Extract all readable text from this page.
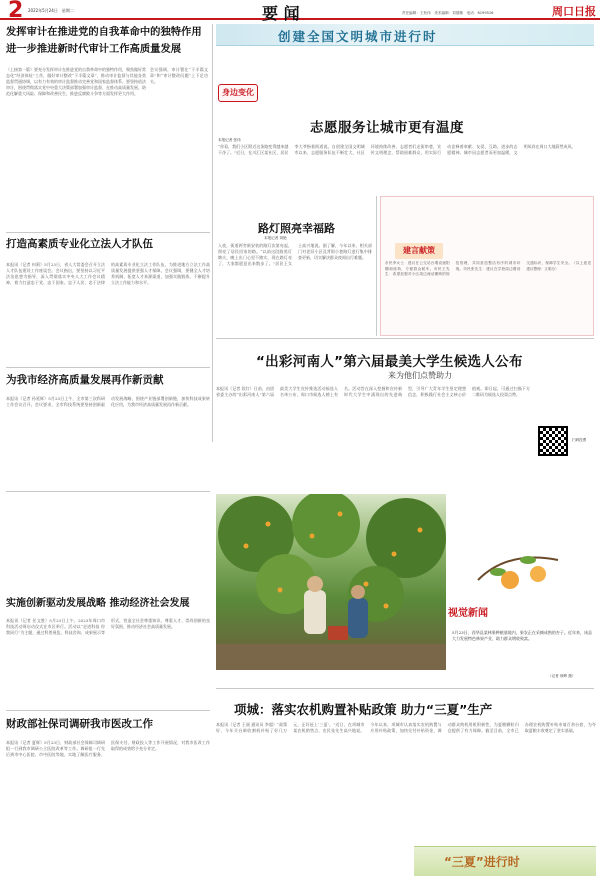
2 2022年5月24日　星期二	要 闻	责任编辑：王松伟　美术编辑：刘德敏　电话：6199516	周口日报
发挥审计在推进党的自我革命中的独特作用
进一步推进新时代审计工作高质量发展
（上接第一版）要充分发挥审计在推进党的自我革命中的独特作用，聚焦做好常态化“经济体检”工作，做好审计整改“下半篇文章”，推动审计监督与其他各类监督贯通协调，以有力有效的审计监督推动完善党和国家监督体系。要坚持依法审计，围绕贯彻落实党中央重大决策部署加强审计监督，在推动高质量发展、防范化解重大风险、保障和改善民生、推进反腐败斗争等方面发挥更大作用。
会议强调，审计署在“下半篇文章”和“审计整改问题”上下足功夫。
创建全国文明城市进行时
身边变化
志愿服务让城市更有温度
本报记者 张伟
“你看，我们小区附近这条路变得越来越干净了。”近日，在川汇区某社区，居民李大爷指着街道说。自创建全国文明城市以来，志愿服务队伍不断壮大，社区环境持续改善，志愿者们走街串巷，宣传文明理念，帮助困难群众，用实际行动诠释着奉献、友爱、互助、进步的志愿精神。城市因志愿者而更加温暖，文明风尚在周口大地蔚然成风。
路灯照亮幸福路
本报记者 刘艳
入夜，街道两旁新安装的路灯次第亮起，照亮了居民回家的路。“以前这段路黑灯瞎火，晚上出门心里不踏实，现在路灯亮了，大家都愿意出来散步了。”居民王女士高兴地说。据了解，今年以来，相关部门对老旧小区及背街小巷路灯进行集中排查更新，切实解决群众夜间出行难题。
建言献策
市民李女士：建议在公交站台增设遮阳棚和座椅，方便群众候车。市民王先生：希望加强对小区周边流动摊贩的规范管理，共同营造整洁有序的城市环境。市民张先生：建议在学校周边增设交通标识，保障学生安全。（以上意见建议整理：文明办）
打造高素质专业化立法人才队伍
本报讯（记者 何莉）5月23日，省人大常委会召开立法人才队伍建设工作座谈会。会议指出，要坚持以习近平法治思想为指导，深入贯彻落实中央人大工作会议精神，着力打造忠于党、忠于国家、忠于人民、忠于法律的高素质专业化立法工作队伍，为推进地方立法工作高质量发展提供坚强人才保障。会议强调，要健全人才培养机制，拓宽人才来源渠道，加强实践锻炼，不断提升立法工作能力和水平。
为我市经济高质量发展再作新贡献
本报讯（记者 孙延辉）5月23日上午，全市第三次科研工作会议召开。会议要求，全市科技系统要坚持创新驱动发展战略，围绕产业链部署创新链，加快科技成果转化应用，为我市经济高质量发展再作新贡献。
“出彩河南人”第六届最美大学生候选人公布
来为他们点赞助力
本报讯（记者 段红）日前，由团省委主办的“出彩河南人”第六届最美大学生宣传推选活动候选人名单公布，周口市候选人榜上有名。活动旨在深入挖掘和宣传新时代大学生中涌现出的先进典型，引导广大青年学生坚定理想信念，积极践行社会主义核心价值观。即日起，可通过扫描下方二维码为候选人投票点赞。
扫码投票
视觉新闻
5月23日，西华县某林果种植基地内，果农正在采摘成熟的杏子。近年来，该县大力发展特色林果产业，助力群众增收致富。
（记者 徐辉 摄）
实施创新驱动发展战略 推动经济社会发展
本报讯（记者 任文胜）5月23日上午，2023年周口市科技活动周启动仪式在市区举行。活动以“走进科技 你我同行”为主题，通过科普展览、科技咨询、成果展示等形式，营造全社会尊重知识、尊重人才、崇尚创新的良好氛围，推动经济社会高质量发展。
财政部社保司调研我市医改工作
本报讯（记者 夏辉）5月23日，财政部社会保障司调研组一行到我市调研公立医院改革等工作。调研组一行先后到市中心医院、市中医院等地，实地了解医疗服务、医保支付、财政投入等工作开展情况，对我市医改工作取得的成效给予充分肯定。
项城：落实农机购置补贴政策 助力“三夏”生产
本报讯（记者 王丽 通讯员 李超）“政策好，今年买台新收割机补贴了好几万元，正好赶上‘三夏’。”近日，在项城市某农机销售点，农民张先生高兴地说。今年以来，项城市认真落实农机购置与应用补贴政策，加快兑付补贴资金，调动群众购机用机积极性，为夏粮颗粒归仓提供了有力保障。截至目前，全市已办理农机购置补贴申请百余台套，为夺取夏粮丰收奠定了坚实基础。
“三夏”进行时
